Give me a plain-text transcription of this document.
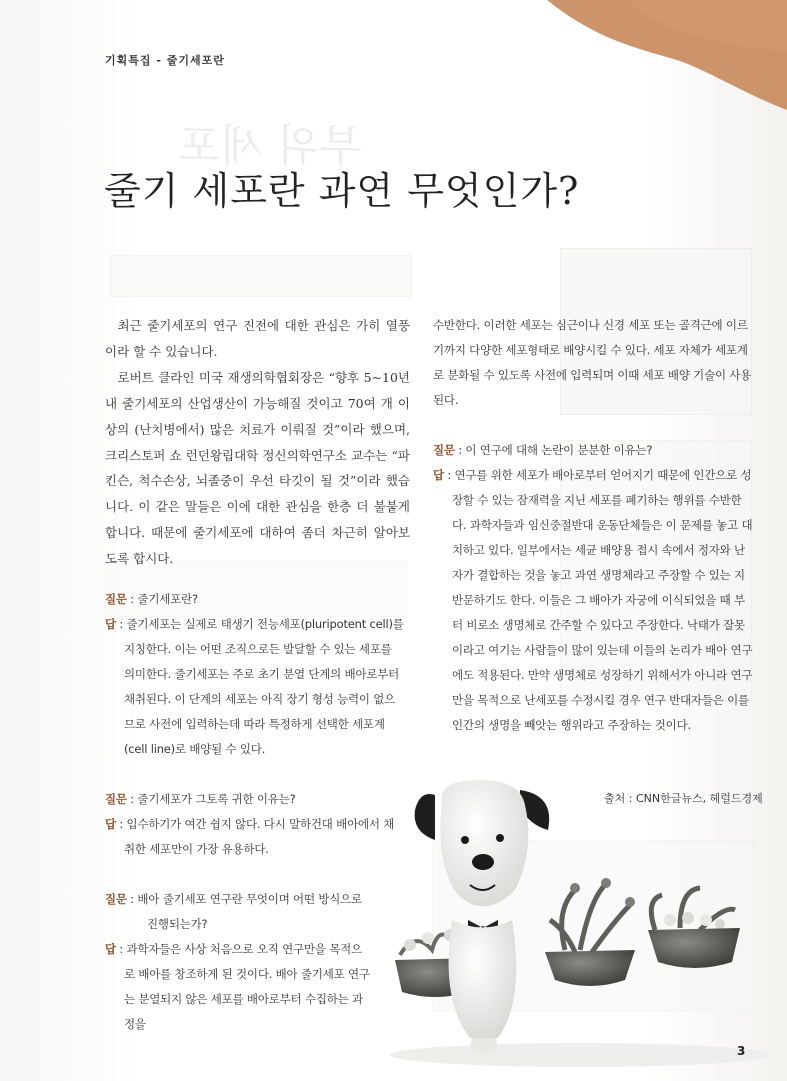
부위 세포
기획특집 - 줄기세포란
줄기 세포란 과연 무엇인가?

최근 줄기세포의 연구 진전에 대한 관심은 가히 열풍이라 할 수 있습니다.

로버트 클라인 미국 재생의학협회장은 “향후 5~10년 내 줄기세포의 산업생산이 가능해질 것이고 70여 개 이상의 (난치병에서) 많은 치료가 이뤄질 것”이라 했으며, 크리스토퍼 쇼 런던왕립대학 정신의학연구소 교수는 “파킨슨, 척수손상, 뇌졸중이 우선 타깃이 될 것”이라 했습니다. 이 같은 말들은 이에 대한 관심을 한층 더 불붙게 합니다. 때문에 줄기세포에 대하여 좀더 차근히 알아보도록 합시다.

질문 : 줄기세포란?
답 : 줄기세포는 실제로 태생기 전능세포(pluripotent cell)를 지칭한다. 이는 어떤 조직으로든 발달할 수 있는 세포를 의미한다. 줄기세포는 주로 초기 분열 단계의 배아로부터 채취된다. 이 단계의 세포는 아직 장기 형성 능력이 없으므로 사전에 입력하는데 따라 특정하게 선택한 세포계(cell line)로 배양될 수 있다.
질문 : 줄기세포가 그토록 귀한 이유는?
답 : 입수하기가 여간 쉽지 않다. 다시 말하건대 배아에서 채취한 세포만이 가장 유용하다.
질문 : 배아 줄기세포 연구란 무엇이며 어떤 방식으로 진행되는가?
답 : 과학자들은 사상 처음으로 오직 연구만을 목적으로 배아를 창조하게 된 것이다. 배아 줄기세포 연구는 분열되지 않은 세포를 배아로부터 수집하는 과정을
수반한다. 이러한 세포는 심근이나 신경 세포 또는 골격근에 이르기까지 다양한 세포형태로 배양시킬 수 있다. 세포 자체가 세포계로 분화될 수 있도록 사전에 입력되며 이때 세포 배양 기술이 사용된다.
질문 : 이 연구에 대해 논란이 분분한 이유는?
답 : 연구를 위한 세포가 배아로부터 얻어지기 때문에 인간으로 성장할 수 있는 잠재력을 지닌 세포를 폐기하는 행위를 수반한다. 과학자들과 임신중절반대 운동단체들은 이 문제를 놓고 대치하고 있다. 일부에서는 세균 배양용 접시 속에서 정자와 난자가 결합하는 것을 놓고 과연 생명체라고 주장할 수 있는 지 반문하기도 한다. 이들은 그 배아가 자궁에 이식되었을 때 부터 비로소 생명체로 간주할 수 있다고 주장한다. 낙태가 잘못이라고 여기는 사람들이 많이 있는데 이들의 논리가 배아 연구에도 적용된다. 만약 생명체로 성장하기 위해서가 아니라 연구만을 목적으로 난세포를 수정시킬 경우 연구 반대자들은 이를 인간의 생명을 빼앗는 행위라고 주장하는 것이다.
출처 : CNN한글뉴스, 헤럴드경제
3
